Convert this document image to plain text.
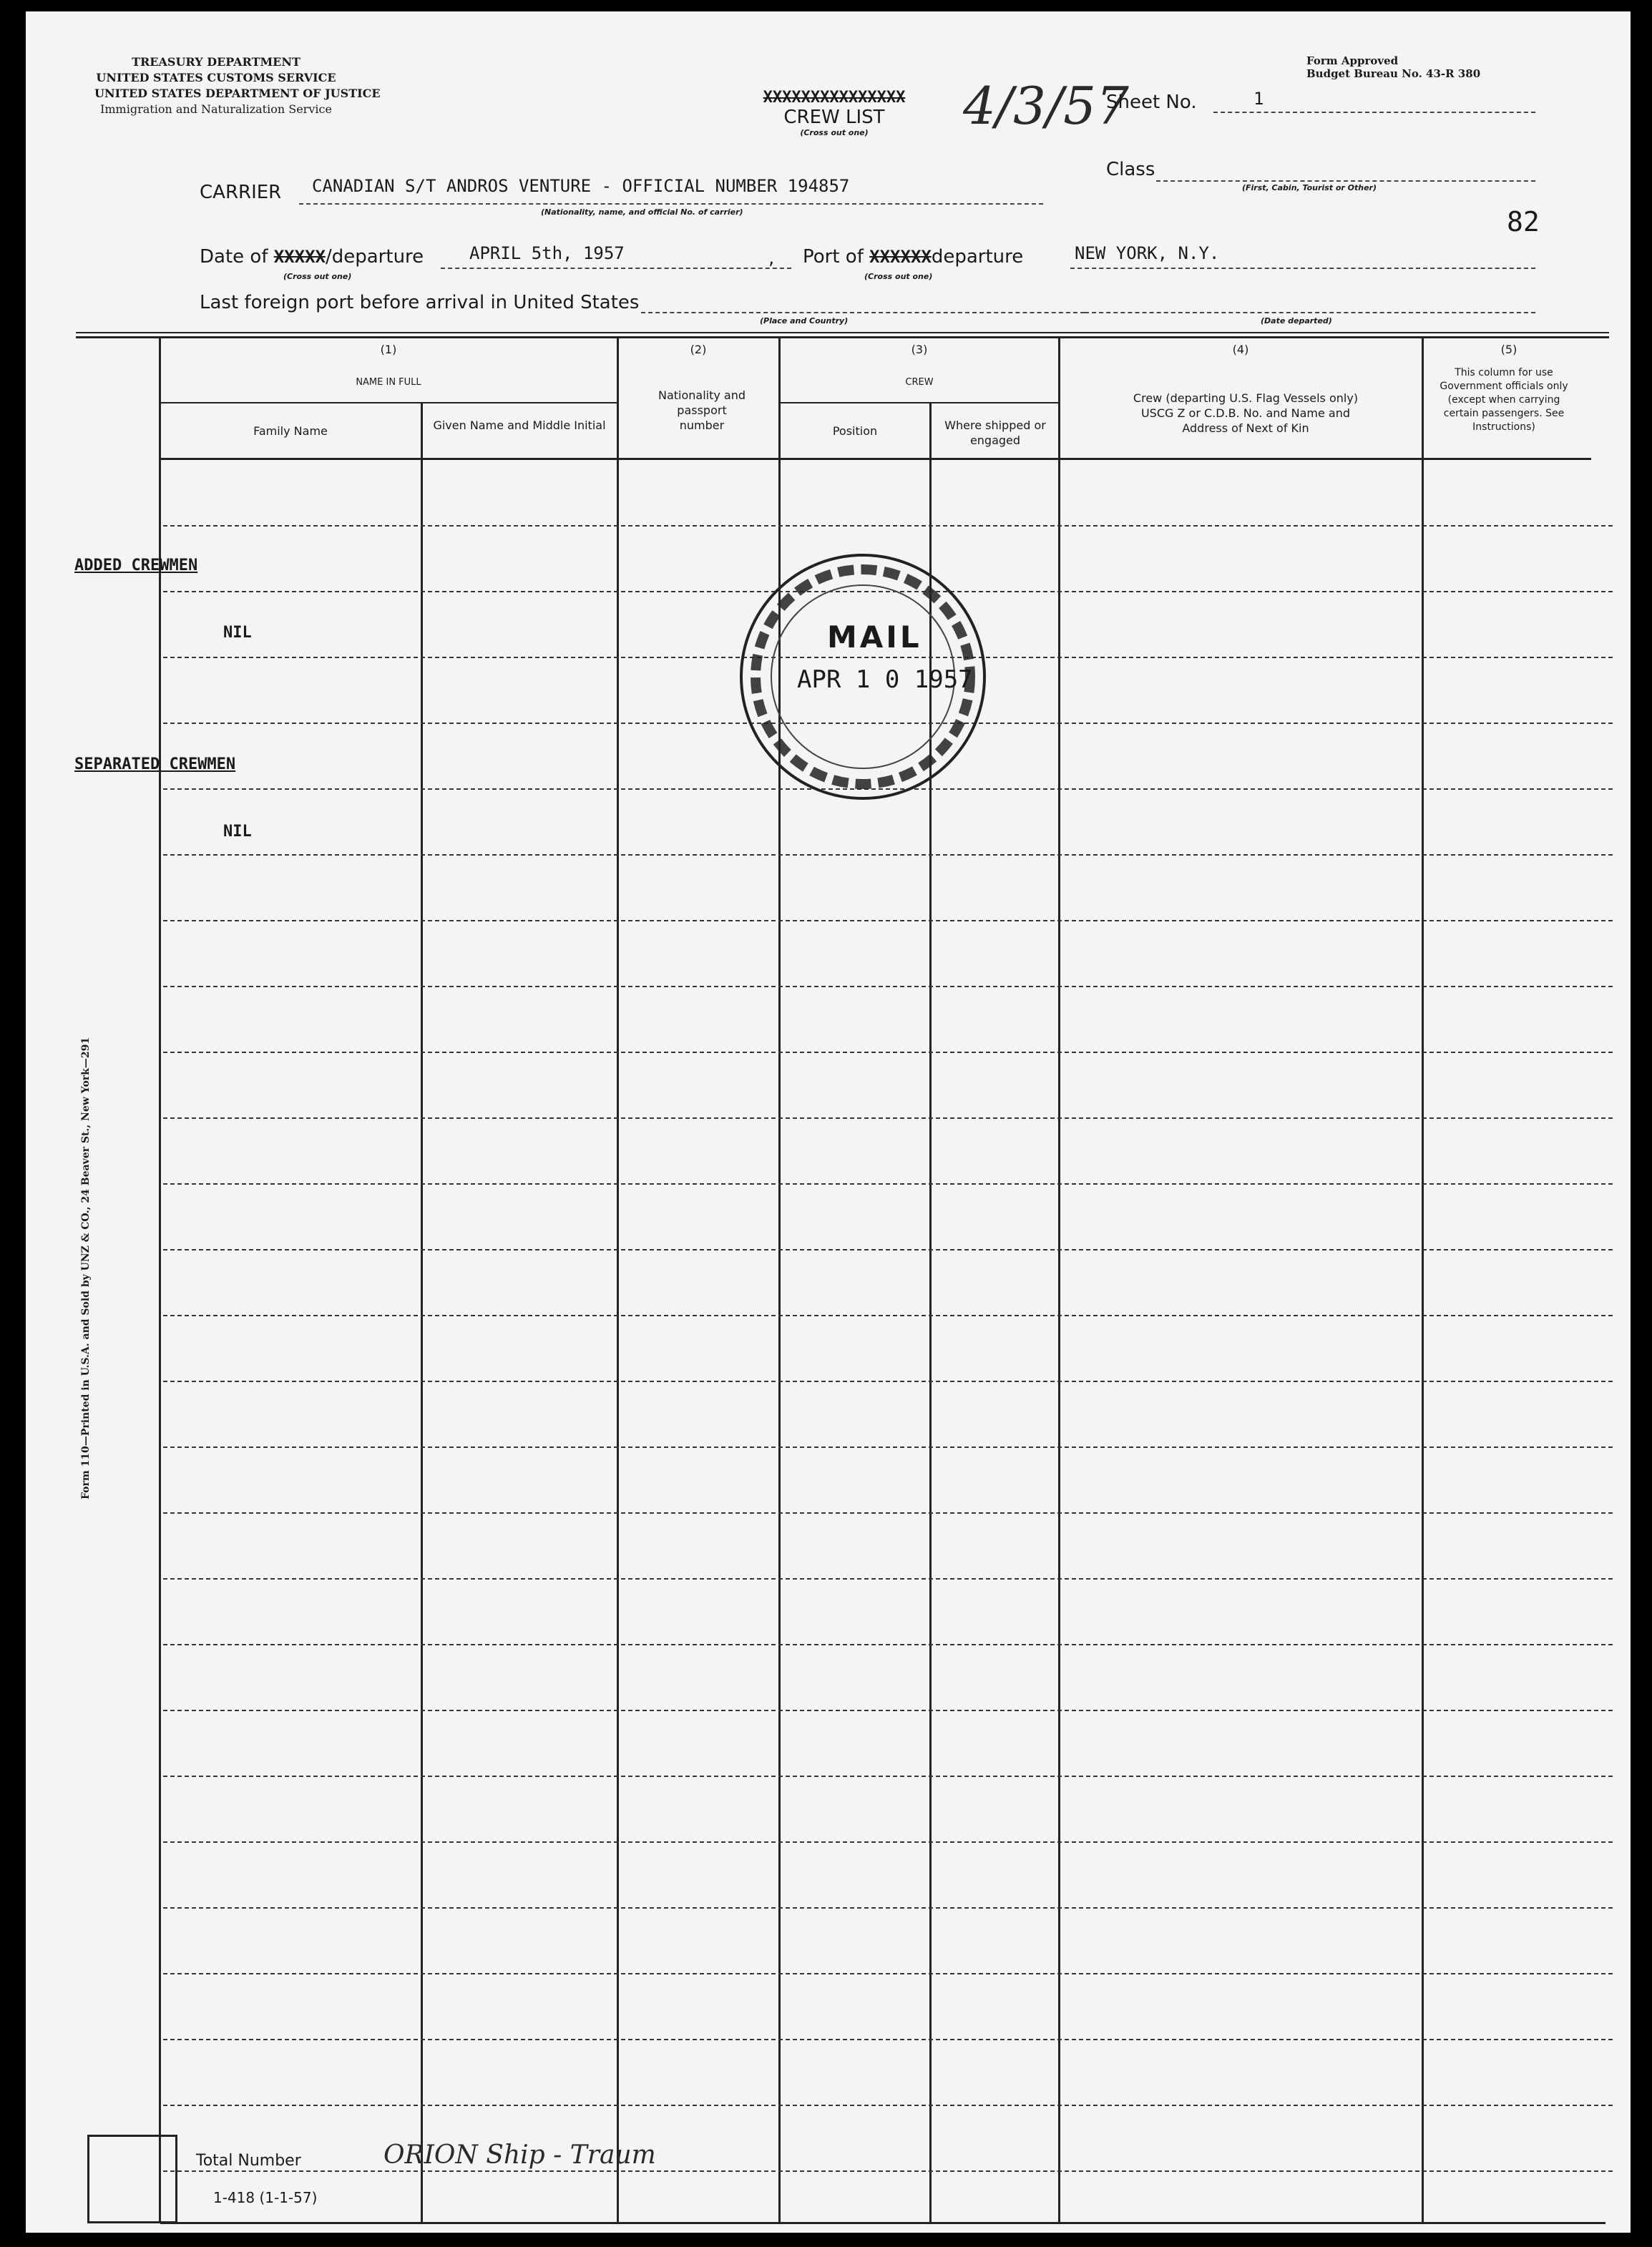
TREASURY DEPARTMENT
UNITED STATES CUSTOMS SERVICE
UNITED STATES DEPARTMENT OF JUSTICE
Immigration and Naturalization Service
Form Approved
Budget Bureau No. 43-R 380
XXXXXXXXXXXXXXX
CREW LIST
(Cross out one)	4/3/57
Sheet No.	1
Class
(First, Cabin, Tourist or Other)
82
CARRIER CANADIAN S/T ANDROS VENTURE - OFFICIAL NUMBER 194857
(Nationality, name, and official No. of carrier)
Date of XXXXX/departure
(Cross out one)
APRIL 5th, 1957	, Port of XXXXXXdeparture
(Cross out one)
NEW YORK, N.Y.
Last foreign port before arrival in United States
(Place and Country)	(Date departed)
(1)
NAME IN FULL
Family Name	Given Name and Middle Initial
(2)
Nationality and passport number
(3)
CREW
Position	Where shipped or engaged
(4)
Crew (departing U.S. Flag Vessels only) USCG Z or C.D.B. No. and Name and Address of Next of Kin
(5)
This column for use Government officials only (except when carrying certain passengers. See Instructions)
ADDED CREWMEN
NIL
SEPARATED CREWMEN
NIL
MAIL
APR 1 0 1957
Form 110—Printed in U.S.A. and Sold by UNZ & CO., 24 Beaver St., New York—291
Total Number
1-418 (1-1-57)
ORION Ship - Traum
